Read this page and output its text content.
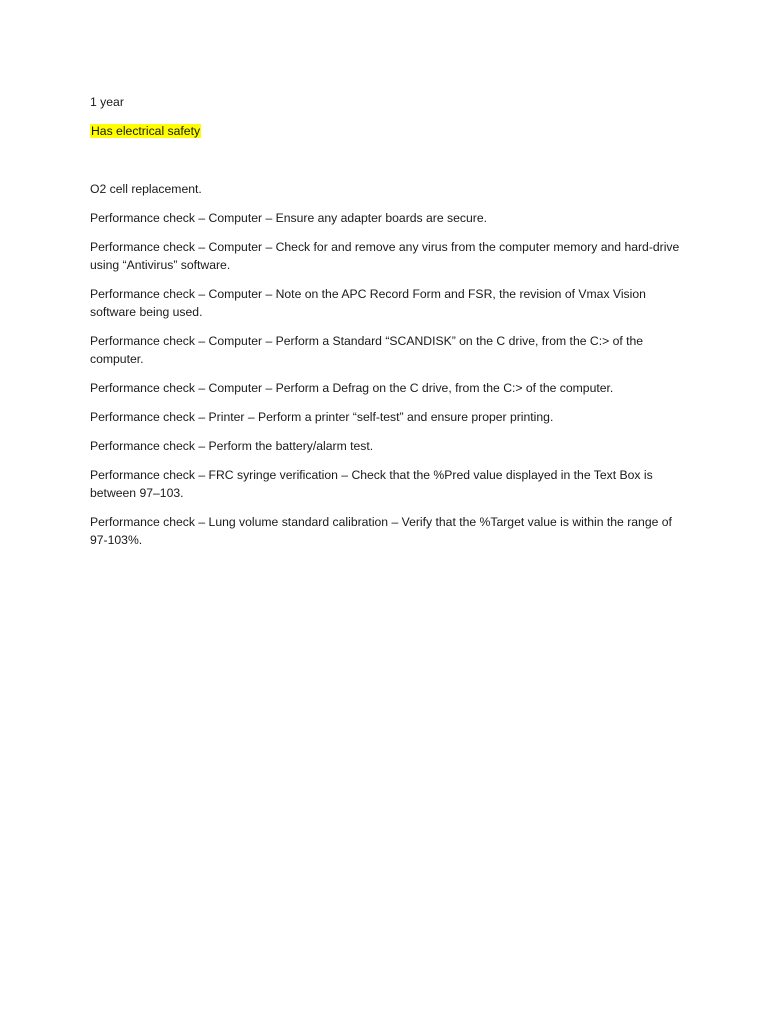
1 year

Has electrical safety

O2 cell replacement.

Performance check – Computer – Ensure any adapter boards are secure.

Performance check – Computer – Check for and remove any virus from the computer memory and hard-drive using “Antivirus” software.

Performance check – Computer – Note on the APC Record Form and FSR, the revision of Vmax Vision software being used.

Performance check – Computer – Perform a Standard “SCANDISK” on the C drive, from the C:> of the computer.

Performance check – Computer – Perform a Defrag on the C drive, from the C:> of the computer.

Performance check – Printer – Perform a printer “self-test” and ensure proper printing.

Performance check – Perform the battery/alarm test.

Performance check – FRC syringe verification – Check that the %Pred value displayed in the Text Box is between 97–103.

Performance check – Lung volume standard calibration – Verify that the %Target value is within the range of 97-103%.
